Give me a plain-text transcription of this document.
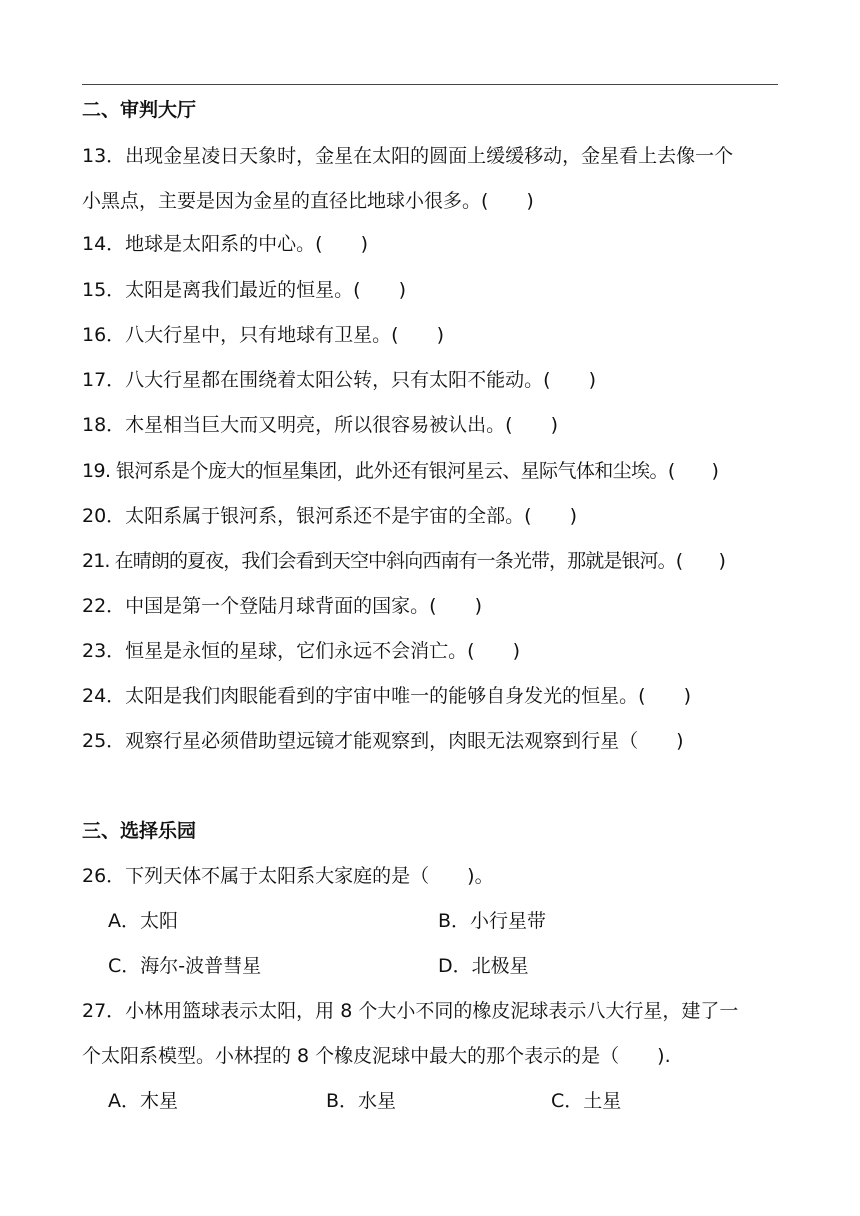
二、审判大厅
13．出现金星凌日天象时，金星在太阳的圆面上缓缓移动，金星看上去像一个
小黑点，主要是因为金星的直径比地球小很多。(　　)
14．地球是太阳系的中心。(　　)
15．太阳是离我们最近的恒星。(　　)
16．八大行星中，只有地球有卫星。(　　)
17．八大行星都在围绕着太阳公转，只有太阳不能动。(　　)
18．木星相当巨大而又明亮，所以很容易被认出。(　　)
19. 银河系是个庞大的恒星集团，此外还有银河星云、星际气体和尘埃。(　　)
20．太阳系属于银河系，银河系还不是宇宙的全部。(　　)
21. 在晴朗的夏夜，我们会看到天空中斜向西南有一条光带，那就是银河。(　　)
22．中国是第一个登陆月球背面的国家。(　　)
23．恒星是永恒的星球，它们永远不会消亡。(　　)
24．太阳是我们肉眼能看到的宇宙中唯一的能够自身发光的恒星。(　　)
25．观察行星必须借助望远镜才能观察到，肉眼无法观察到行星（　　)
三、选择乐园
26．下列天体不属于太阳系大家庭的是（　　)。
A．太阳	B．小行星带
C．海尔-波普彗星	D．北极星
27．小林用篮球表示太阳，用 8 个大小不同的橡皮泥球表示八大行星，建了一
个太阳系模型。小林捏的 8 个橡皮泥球中最大的那个表示的是（　　).
A．木星	B．水星	C．土星
